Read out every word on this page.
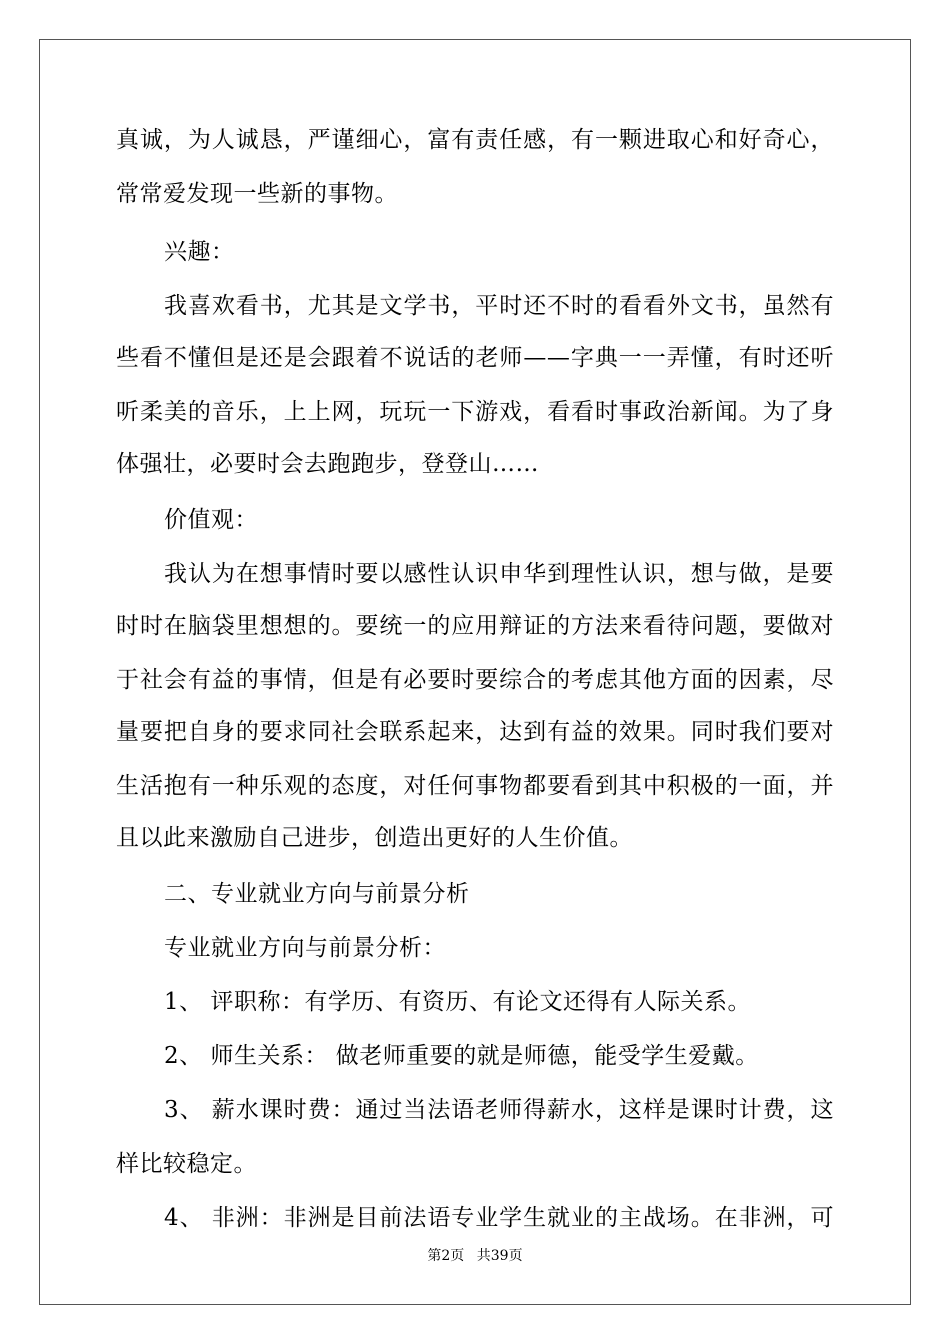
真诚，为人诚恳，严谨细心，富有责任感，有一颗进取心和好奇心，
常常爱发现一些新的事物。
兴趣：
我喜欢看书，尤其是文学书，平时还不时的看看外文书，虽然有
些看不懂但是还是会跟着不说话的老师——字典一一弄懂，有时还听
听柔美的音乐，上上网，玩玩一下游戏，看看时事政治新闻。为了身
体强壮，必要时会去跑跑步，登登山……
价值观：
我认为在想事情时要以感性认识申华到理性认识，想与做，是要
时时在脑袋里想想的。要统一的应用辩证的方法来看待问题，要做对
于社会有益的事情，但是有必要时要综合的考虑其他方面的因素，尽
量要把自身的要求同社会联系起来，达到有益的效果。同时我们要对
生活抱有一种乐观的态度，对任何事物都要看到其中积极的一面，并
且以此来激励自己进步，创造出更好的人生价值。
二、专业就业方向与前景分析
专业就业方向与前景分析：
1、 评职称：有学历、有资历、有论文还得有人际关系。
2、 师生关系： 做老师重要的就是师德，能受学生爱戴。
3、 薪水课时费：通过当法语老师得薪水，这样是课时计费，这
样比较稳定。
4、 非洲：非洲是目前法语专业学生就业的主战场。在非洲，可
第2页 共39页
